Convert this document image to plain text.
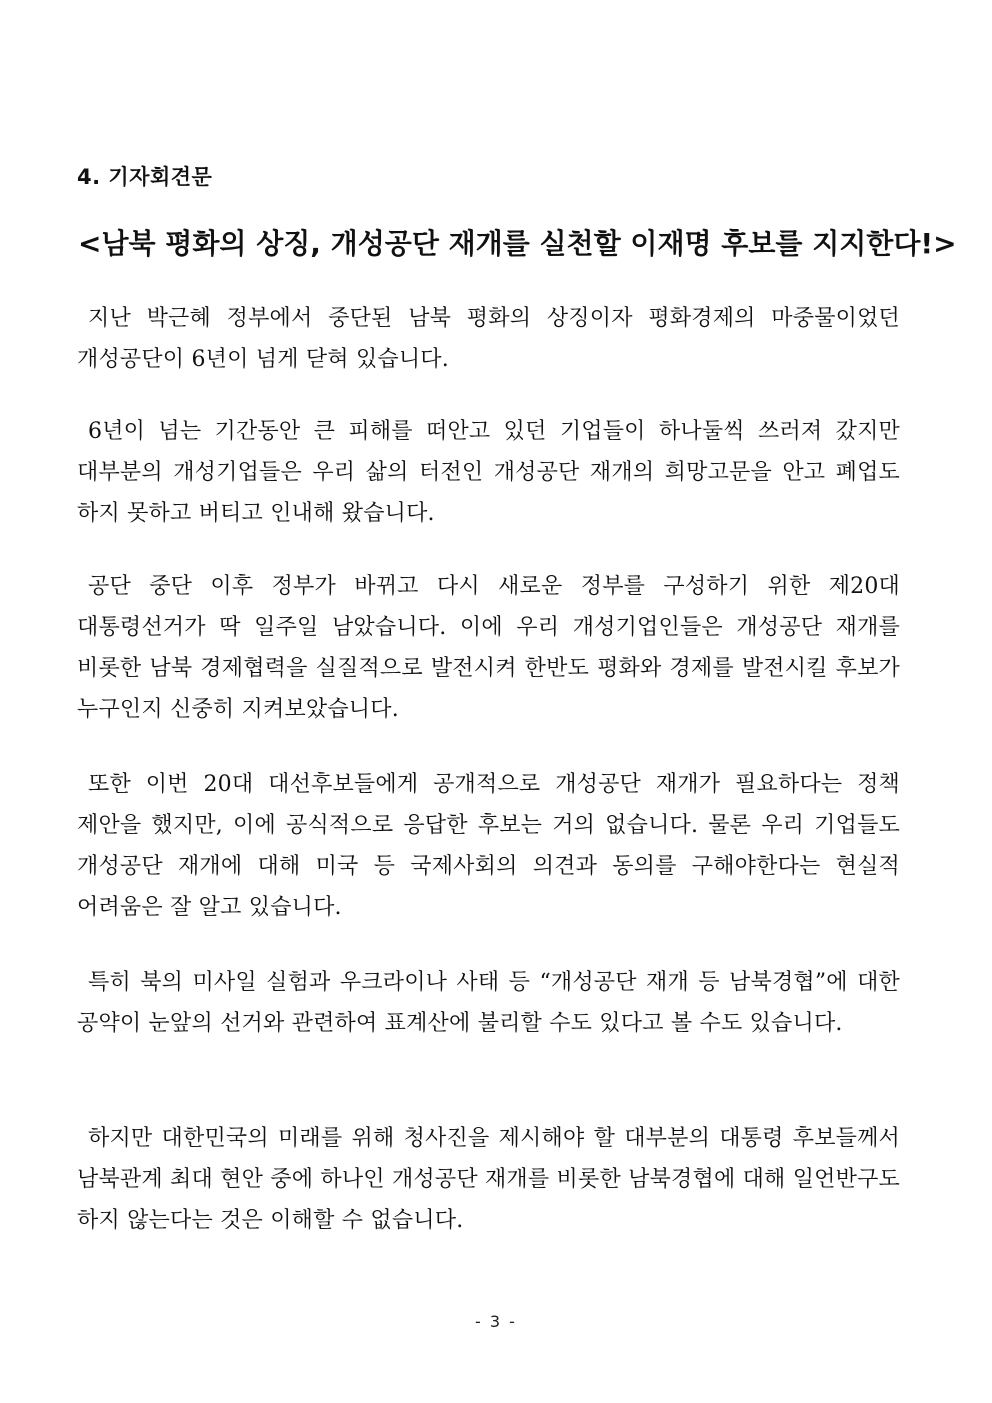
4. 기자회견문
<남북 평화의 상징, 개성공단 재개를 실천할 이재명 후보를 지지한다!>

지난 박근혜 정부에서 중단된 남북 평화의 상징이자 평화경제의 마중물이었던 개성공단이 6년이 넘게 닫혀 있습니다.

6년이 넘는 기간동안 큰 피해를 떠안고 있던 기업들이 하나둘씩 쓰러져 갔지만 대부분의 개성기업들은 우리 삶의 터전인 개성공단 재개의 희망고문을 안고 폐업도 하지 못하고 버티고 인내해 왔습니다.

공단 중단 이후 정부가 바뀌고 다시 새로운 정부를 구성하기 위한 제20대 대통령선거가 딱 일주일 남았습니다. 이에 우리 개성기업인들은 개성공단 재개를 비롯한 남북 경제협력을 실질적으로 발전시켜 한반도 평화와 경제를 발전시킬 후보가 누구인지 신중히 지켜보았습니다.

또한 이번 20대 대선후보들에게 공개적으로 개성공단 재개가 필요하다는 정책 제안을 했지만, 이에 공식적으로 응답한 후보는 거의 없습니다. 물론 우리 기업들도 개성공단 재개에 대해 미국 등 국제사회의 의견과 동의를 구해야한다는 현실적 어려움은 잘 알고 있습니다.

특히 북의 미사일 실험과 우크라이나 사태 등 “개성공단 재개 등 남북경협”에 대한 공약이 눈앞의 선거와 관련하여 표계산에 불리할 수도 있다고 볼 수도 있습니다.

하지만 대한민국의 미래를 위해 청사진을 제시해야 할 대부분의 대통령 후보들께서 남북관계 최대 현안 중에 하나인 개성공단 재개를 비롯한 남북경협에 대해 일언반구도 하지 않는다는 것은 이해할 수 없습니다.

- 3 -
